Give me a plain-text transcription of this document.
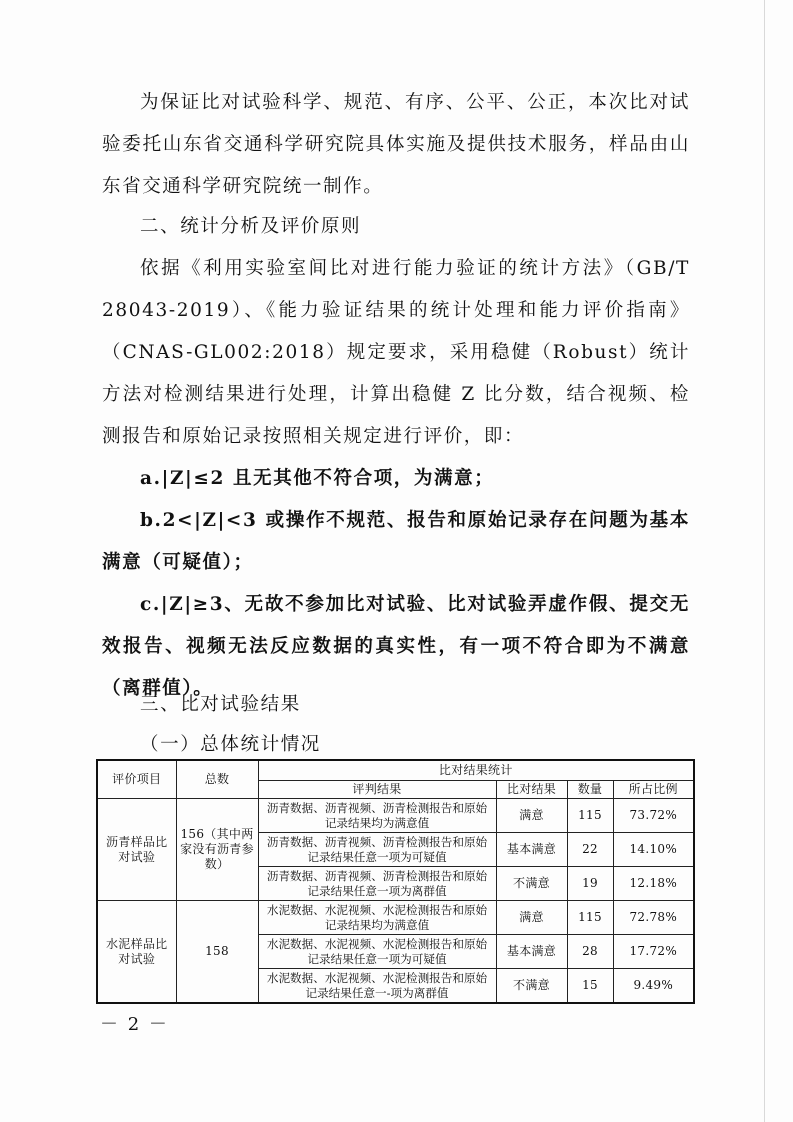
为保证比对试验科学、规范、有序、公平、公正，本次比对试验委托山东省交通科学研究院具体实施及提供技术服务，样品由山东省交通科学研究院统一制作。
二、统计分析及评价原则
依据《利用实验室间比对进行能力验证的统计方法》（GB/T 28043-2019）、《能力验证结果的统计处理和能力评价指南》（CNAS-GL002:2018）规定要求，采用稳健（Robust）统计方法对检测结果进行处理，计算出稳健 Z 比分数，结合视频、检测报告和原始记录按照相关规定进行评价，即：
a.|Z|≤2 且无其他不符合项，为满意；
b.2<|Z|<3 或操作不规范、报告和原始记录存在问题为基本满意（可疑值）；
c.|Z|≥3、无故不参加比对试验、比对试验弄虚作假、提交无效报告、视频无法反应数据的真实性，有一项不符合即为不满意（离群值）。
三、比对试验结果
（一）总体统计情况
评价项目	总数	比对结果统计			
		评判结果	比对结果	数量	所占比例
沥青样品比对试验	156（其中两家没有沥青参数）	沥青数据、沥青视频、沥青检测报告和原始记录结果均为满意值	满意	115	73.72%
		沥青数据、沥青视频、沥青检测报告和原始记录结果任意一项为可疑值	基本满意	22	14.10%
		沥青数据、沥青视频、沥青检测报告和原始记录结果任意一项为离群值	不满意	19	12.18%
水泥样品比对试验	158	水泥数据、水泥视频、水泥检测报告和原始记录结果均为满意值	满意	115	72.78%
		水泥数据、水泥视频、水泥检测报告和原始记录结果任意一项为可疑值	基本满意	28	17.72%
		水泥数据、水泥视频、水泥检测报告和原始记录结果任意一-项为离群值	不满意	15	9.49%
－ 2 －
